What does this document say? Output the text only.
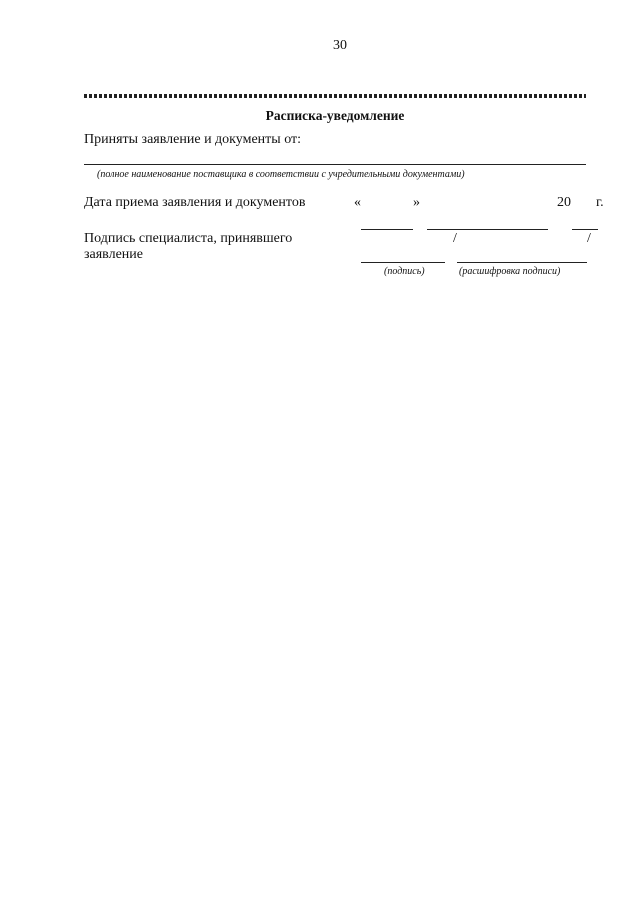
30
Расписка-уведомление
Приняты заявление и документы от:
(полное наименование поставщика в соответствии с учредительными документами)
Дата приема заявления и документов	«	»	20 г.
Подпись специалиста, принявшего
заявление
/	/
(подпись)	(расшифровка подписи)
